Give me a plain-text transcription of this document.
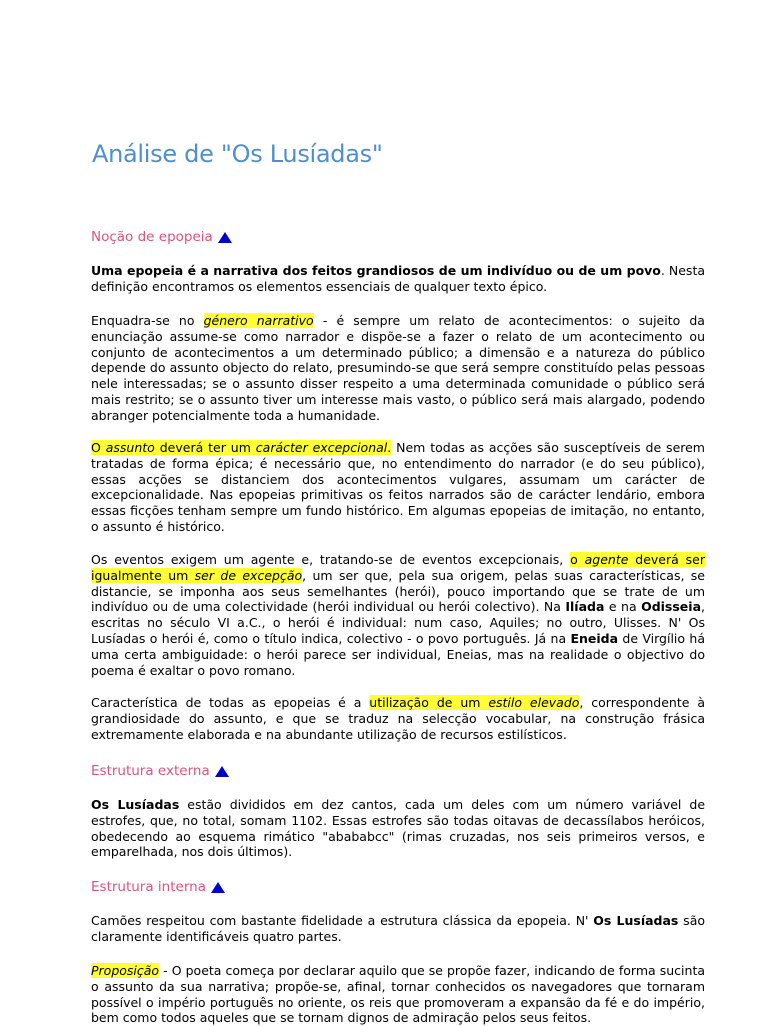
Análise de "Os Lusíadas"
Noção de epopeia

Uma epopeia é a narrativa dos feitos grandiosos de um indivíduo ou de um povo. Nesta definição encontramos os elementos essenciais de qualquer texto épico.

Enquadra-se no género narrativo - é sempre um relato de acontecimentos: o sujeito da enunciação assume-se como narrador e dispõe-se a fazer o relato de um acontecimento ou conjunto de acontecimentos a um determinado público; a dimensão e a natureza do público depende do assunto objecto do relato, presumindo-se que será sempre constituído pelas pessoas nele interessadas; se o assunto disser respeito a uma determinada comunidade o público será mais restrito; se o assunto tiver um interesse mais vasto, o público será mais alargado, podendo abranger potencialmente toda a humanidade.

O assunto deverá ter um carácter excepcional. Nem todas as acções são susceptíveis de serem tratadas de forma épica; é necessário que, no entendimento do narrador (e do seu público), essas acções se distanciem dos acontecimentos vulgares, assumam um carácter de excepcionalidade. Nas epopeias primitivas os feitos narrados são de carácter lendário, embora essas ficções tenham sempre um fundo histórico. Em algumas epopeias de imitação, no entanto, o assunto é histórico.

Os eventos exigem um agente e, tratando-se de eventos excepcionais, o agente deverá ser igualmente um ser de excepção, um ser que, pela sua origem, pelas suas características, se distancie, se imponha aos seus semelhantes (herói), pouco importando que se trate de um indivíduo ou de uma colectividade (herói individual ou herói colectivo). Na Ilíada e na Odisseia, escritas no século VI a.C., o herói é individual: num caso, Aquiles; no outro, Ulisses. N' Os Lusíadas o herói é, como o título indica, colectivo - o povo português. Já na Eneida de Virgílio há uma certa ambiguidade: o herói parece ser individual, Eneias, mas na realidade o objectivo do poema é exaltar o povo romano.

Característica de todas as epopeias é a utilização de um estilo elevado, correspondente à grandiosidade do assunto, e que se traduz na selecção vocabular, na construção frásica extremamente elaborada e na abundante utilização de recursos estilísticos.

Estrutura externa

Os Lusíadas estão divididos em dez cantos, cada um deles com um número variável de estrofes, que, no total, somam 1102. Essas estrofes são todas oitavas de decassílabos heróicos, obedecendo ao esquema rimático "abababcc" (rimas cruzadas, nos seis primeiros versos, e emparelhada, nos dois últimos).

Estrutura interna

Camões respeitou com bastante fidelidade a estrutura clássica da epopeia. N' Os Lusíadas são claramente identificáveis quatro partes.

Proposição - O poeta começa por declarar aquilo que se propõe fazer, indicando de forma sucinta o assunto da sua narrativa; propõe-se, afinal, tornar conhecidos os navegadores que tornaram possível o império português no oriente, os reis que promoveram a expansão da fé e do império, bem como todos aqueles que se tornam dignos de admiração pelos seus feitos.
